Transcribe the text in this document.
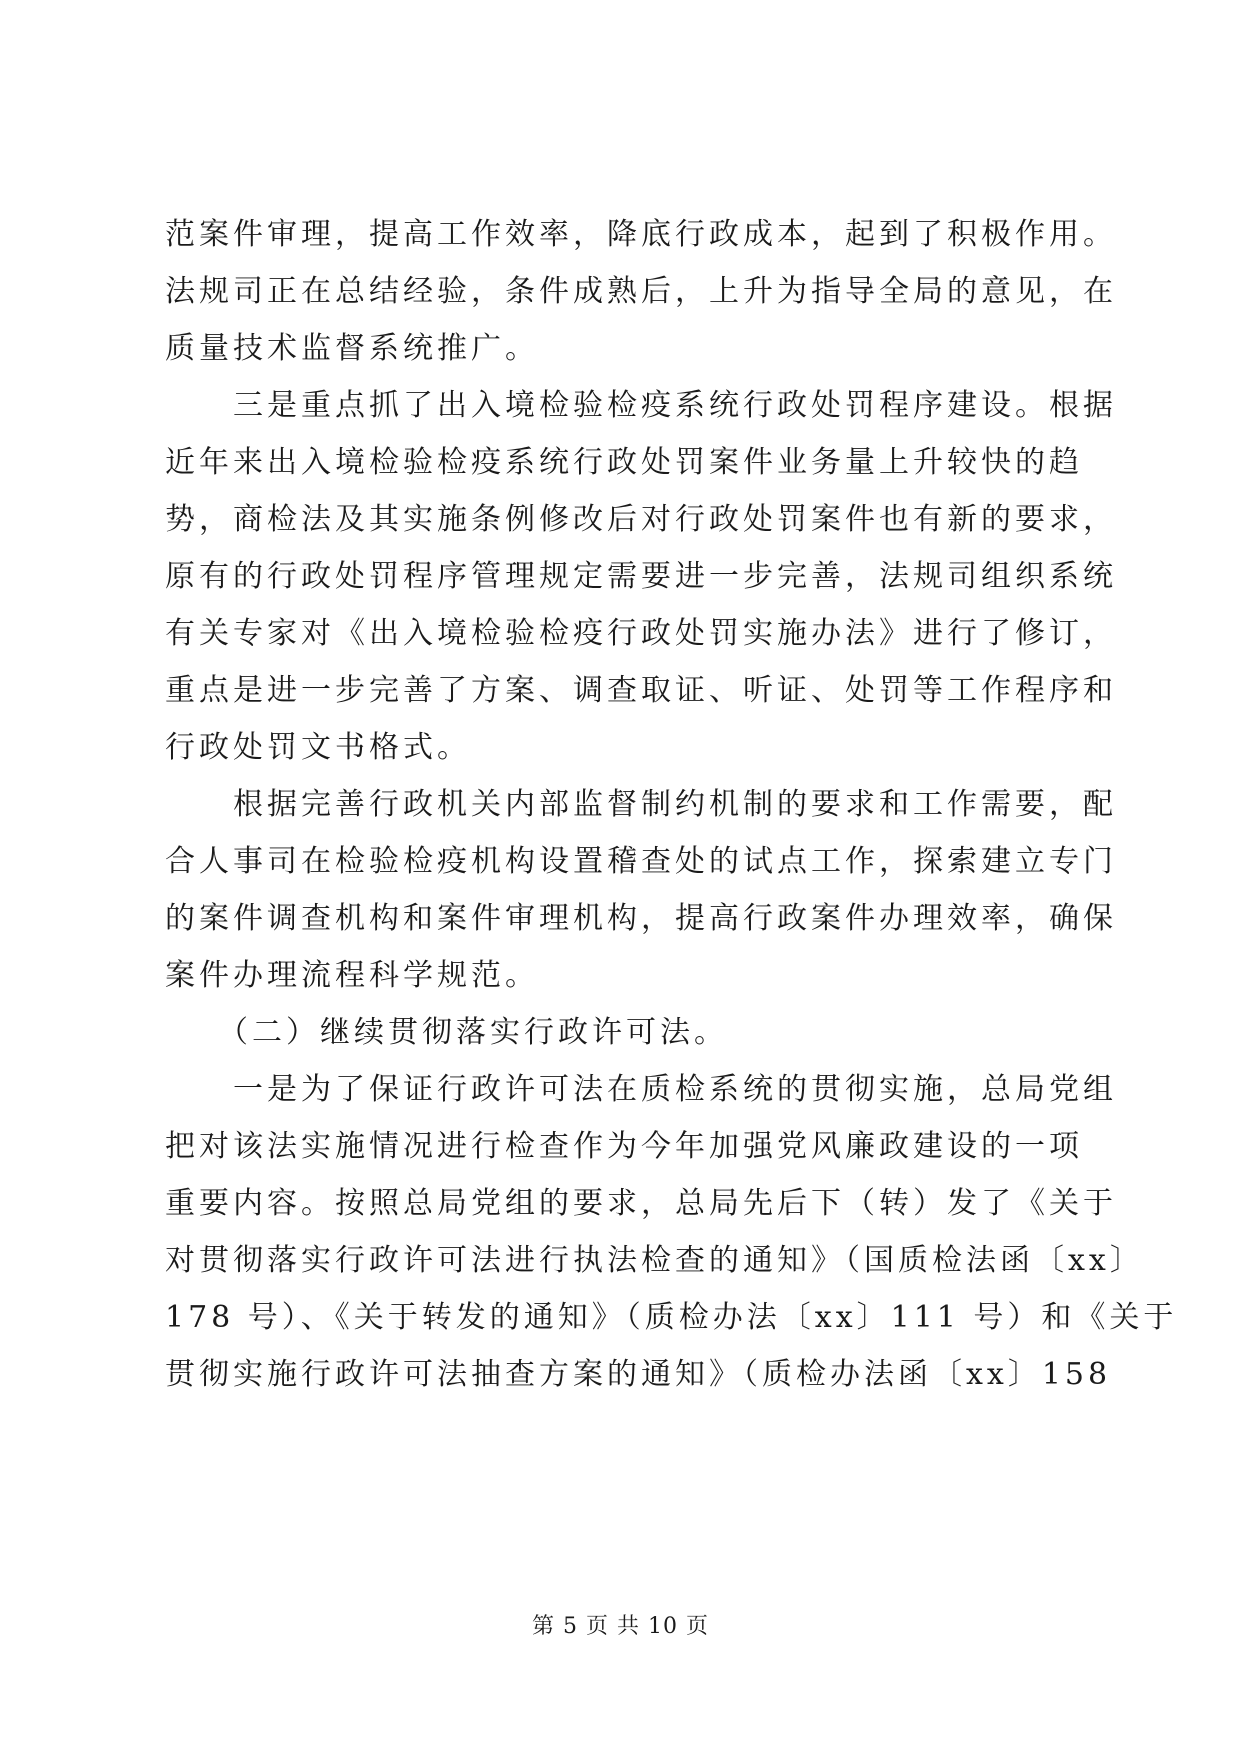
范案件审理，提高工作效率，降底行政成本，起到了积极作用。
法规司正在总结经验，条件成熟后，上升为指导全局的意见，在
质量技术监督系统推广。
　　三是重点抓了出入境检验检疫系统行政处罚程序建设。根据
近年来出入境检验检疫系统行政处罚案件业务量上升较快的趋
势，商检法及其实施条例修改后对行政处罚案件也有新的要求，
原有的行政处罚程序管理规定需要进一步完善，法规司组织系统
有关专家对《出入境检验检疫行政处罚实施办法》进行了修订，
重点是进一步完善了方案、调查取证、听证、处罚等工作程序和
行政处罚文书格式。
　　根据完善行政机关内部监督制约机制的要求和工作需要，配
合人事司在检验检疫机构设置稽查处的试点工作，探索建立专门
的案件调查机构和案件审理机构，提高行政案件办理效率，确保
案件办理流程科学规范。
　　（二）继续贯彻落实行政许可法。
　　一是为了保证行政许可法在质检系统的贯彻实施，总局党组
把对该法实施情况进行检查作为今年加强党风廉政建设的一项
重要内容。按照总局党组的要求，总局先后下（转）发了《关于
对贯彻落实行政许可法进行执法检查的通知》（国质检法函〔xx〕
178 号）、《关于转发的通知》（质检办法〔xx〕111 号）和《关于
贯彻实施行政许可法抽查方案的通知》（质检办法函〔xx〕158
第 5 页 共 10 页
